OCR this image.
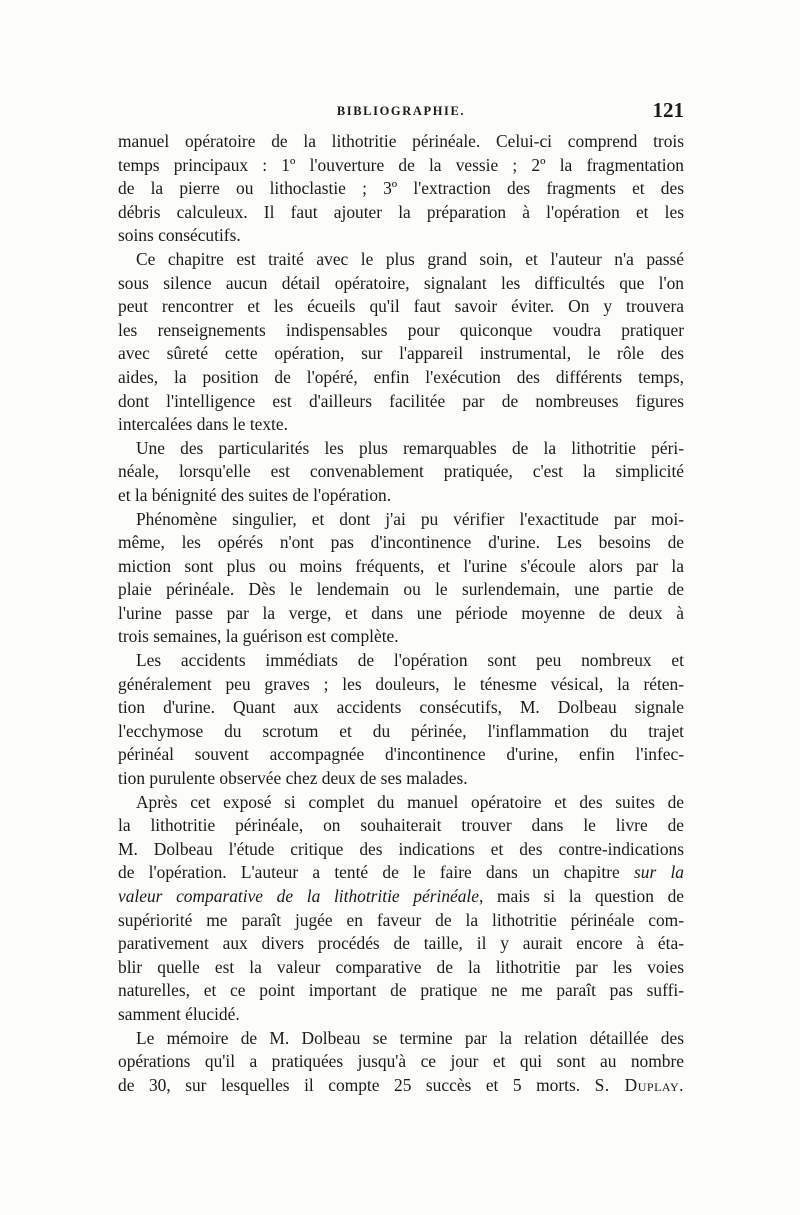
BIBLIOGRAPHIE.	121
manuel opératoire de la lithotritie périnéale. Celui-ci comprend trois
temps principaux : 1º l'ouverture de la vessie ; 2º la fragmentation
de la pierre ou lithoclastie ; 3º l'extraction des fragments et des
débris calculeux. Il faut ajouter la préparation à l'opération et les
soins consécutifs.
Ce chapitre est traité avec le plus grand soin, et l'auteur n'a passé
sous silence aucun détail opératoire, signalant les difficultés que l'on
peut rencontrer et les écueils qu'il faut savoir éviter. On y trouvera
les renseignements indispensables pour quiconque voudra pratiquer
avec sûreté cette opération, sur l'appareil instrumental, le rôle des
aides, la position de l'opéré, enfin l'exécution des différents temps,
dont l'intelligence est d'ailleurs facilitée par de nombreuses figures
intercalées dans le texte.
Une des particularités les plus remarquables de la lithotritie péri-
néale, lorsqu'elle est convenablement pratiquée, c'est la simplicité
et la bénignité des suites de l'opération.
Phénomène singulier, et dont j'ai pu vérifier l'exactitude par moi-
même, les opérés n'ont pas d'incontinence d'urine. Les besoins de
miction sont plus ou moins fréquents, et l'urine s'écoule alors par la
plaie périnéale. Dès le lendemain ou le surlendemain, une partie de
l'urine passe par la verge, et dans une période moyenne de deux à
trois semaines, la guérison est complète.
Les accidents immédiats de l'opération sont peu nombreux et
généralement peu graves ; les douleurs, le ténesme vésical, la réten-
tion d'urine. Quant aux accidents consécutifs, M. Dolbeau signale
l'ecchymose du scrotum et du périnée, l'inflammation du trajet
périnéal souvent accompagnée d'incontinence d'urine, enfin l'infec-
tion purulente observée chez deux de ses malades.
Après cet exposé si complet du manuel opératoire et des suites de
la lithotritie périnéale, on souhaiterait trouver dans le livre de
M. Dolbeau l'étude critique des indications et des contre-indications
de l'opération. L'auteur a tenté de le faire dans un chapitre sur la
valeur comparative de la lithotritie périnéale, mais si la question de
supériorité me paraît jugée en faveur de la lithotritie périnéale com-
parativement aux divers procédés de taille, il y aurait encore à éta-
blir quelle est la valeur comparative de la lithotritie par les voies
naturelles, et ce point important de pratique ne me paraît pas suffi-
samment élucidé.
Le mémoire de M. Dolbeau se termine par la relation détaillée des
opérations qu'il a pratiquées jusqu'à ce jour et qui sont au nombre
de 30, sur lesquelles il compte 25 succès et 5 morts. S. Duplay.
